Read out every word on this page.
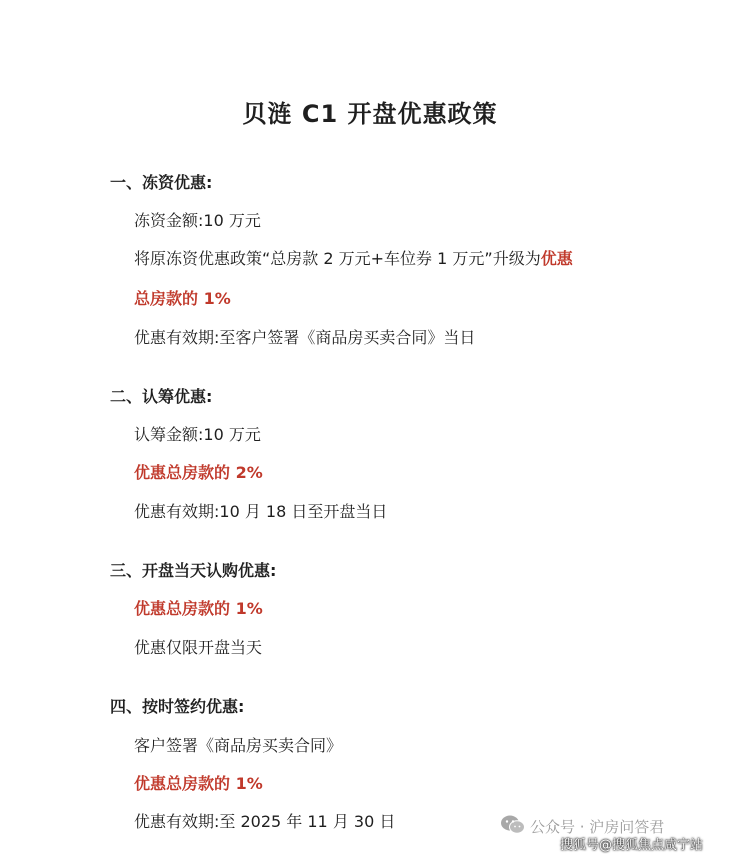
贝涟 C1 开盘优惠政策
一、冻资优惠:
冻资金额:10 万元
将原冻资优惠政策“总房款 2 万元+车位券 1 万元”升级为优惠
总房款的 1%
优惠有效期:至客户签署《商品房买卖合同》当日
二、认筹优惠:
认筹金额:10 万元
优惠总房款的 2%
优惠有效期:10 月 18 日至开盘当日
三、开盘当天认购优惠:
优惠总房款的 1%
优惠仅限开盘当天
四、按时签约优惠:
客户签署《商品房买卖合同》
优惠总房款的 1%
优惠有效期:至 2025 年 11 月 30 日	公众号 · 沪房问答君
搜狐号@搜狐焦点咸宁站
